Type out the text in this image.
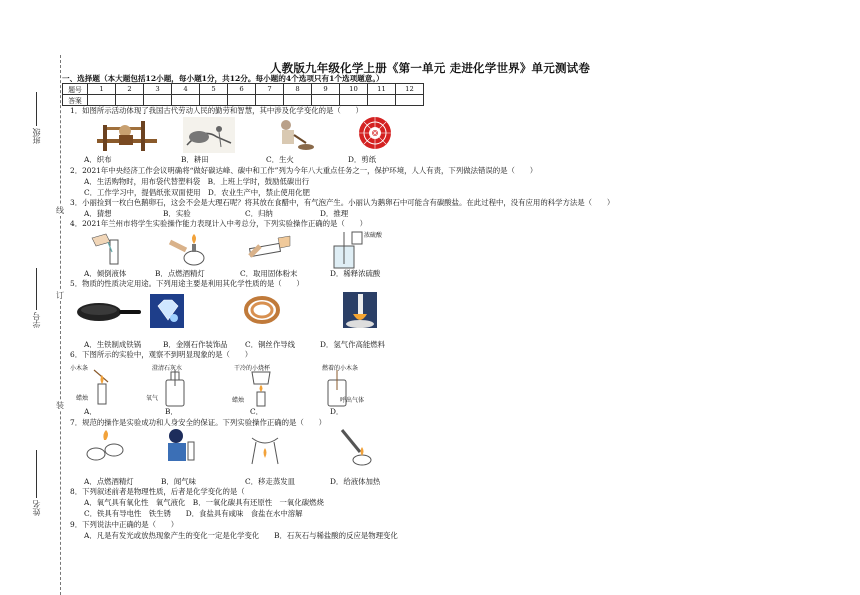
班级
学号
姓名
线
订
装
人教版九年级化学上册《第一单元 走进化学世界》单元测试卷
一、选择题（本大题包括12小题，每小题1分，共12分。每小题的4个选项只有1个选项题意。）
题号	1	2	3	4	5	6	7	8	9	10	11	12
答案												
1．如图所示活动体现了我国古代劳动人民的勤劳和智慧，其中涉及化学变化的是（　　）
A．织布	B．耕田	C．生火	D．剪纸
2．2021年中央经济工作会议明确将“做好碳达峰、碳中和工作”列为今年八大重点任务之一，保护环境，人人有责，下列做法错误的是（　　）
A．生活购物时，用布袋代替塑料袋　B．上班上学时，鼓励低碳出行
C．工作学习中，提倡纸张双面使用　D．农业生产中，禁止使用化肥
3．小丽捡到一枚白色鹅卵石，这会不会是大理石呢？将其放在食醋中，有气泡产生。小丽认为鹅卵石中可能含有碳酸盐。在此过程中，没有应用的科学方法是（　　）
A．猜想	B．实验	C．归纳	D．推理
4．2021年兰州市将学生实验操作能力表现计入中考总分，下列实验操作正确的是（　　）
浓硫酸
A．倾倒液体	B．点燃酒精灯	C．取用固体粉末	D．稀释浓硫酸
5．物质的性质决定用途。下列用途主要是利用其化学性质的是（　　）
A．生铁制成铁锅	B．金刚石作装饰品 C．铜丝作导线	D．氢气作高能燃料
6．下图所示的实验中，观察不到明显现象的是（　　）
小木条
蜡烛
澄清石灰水
氧气
干冷的小烧杯
蜡烛
燃着的小木条
呼出气体
A．	B．	C．	D．
7．规范的操作是实验成功和人身安全的保证。下列实验操作正确的是（　　）
A．点燃酒精灯	B．闻气味	C．移走蒸发皿	D．给液体加热
8．下列叙述前者是物理性质，后者是化学变化的是（
A．氧气具有氧化性　氧气液化　B．一氧化碳具有还原性　一氧化碳燃烧
C．铁具有导电性　铁生锈　　D．食盐具有咸味　食盐在水中溶解
9．下列说法中正确的是（　　）
A．凡是有发光或放热现象产生的变化一定是化学变化　　B．石灰石与稀盐酸的反应是物理变化
